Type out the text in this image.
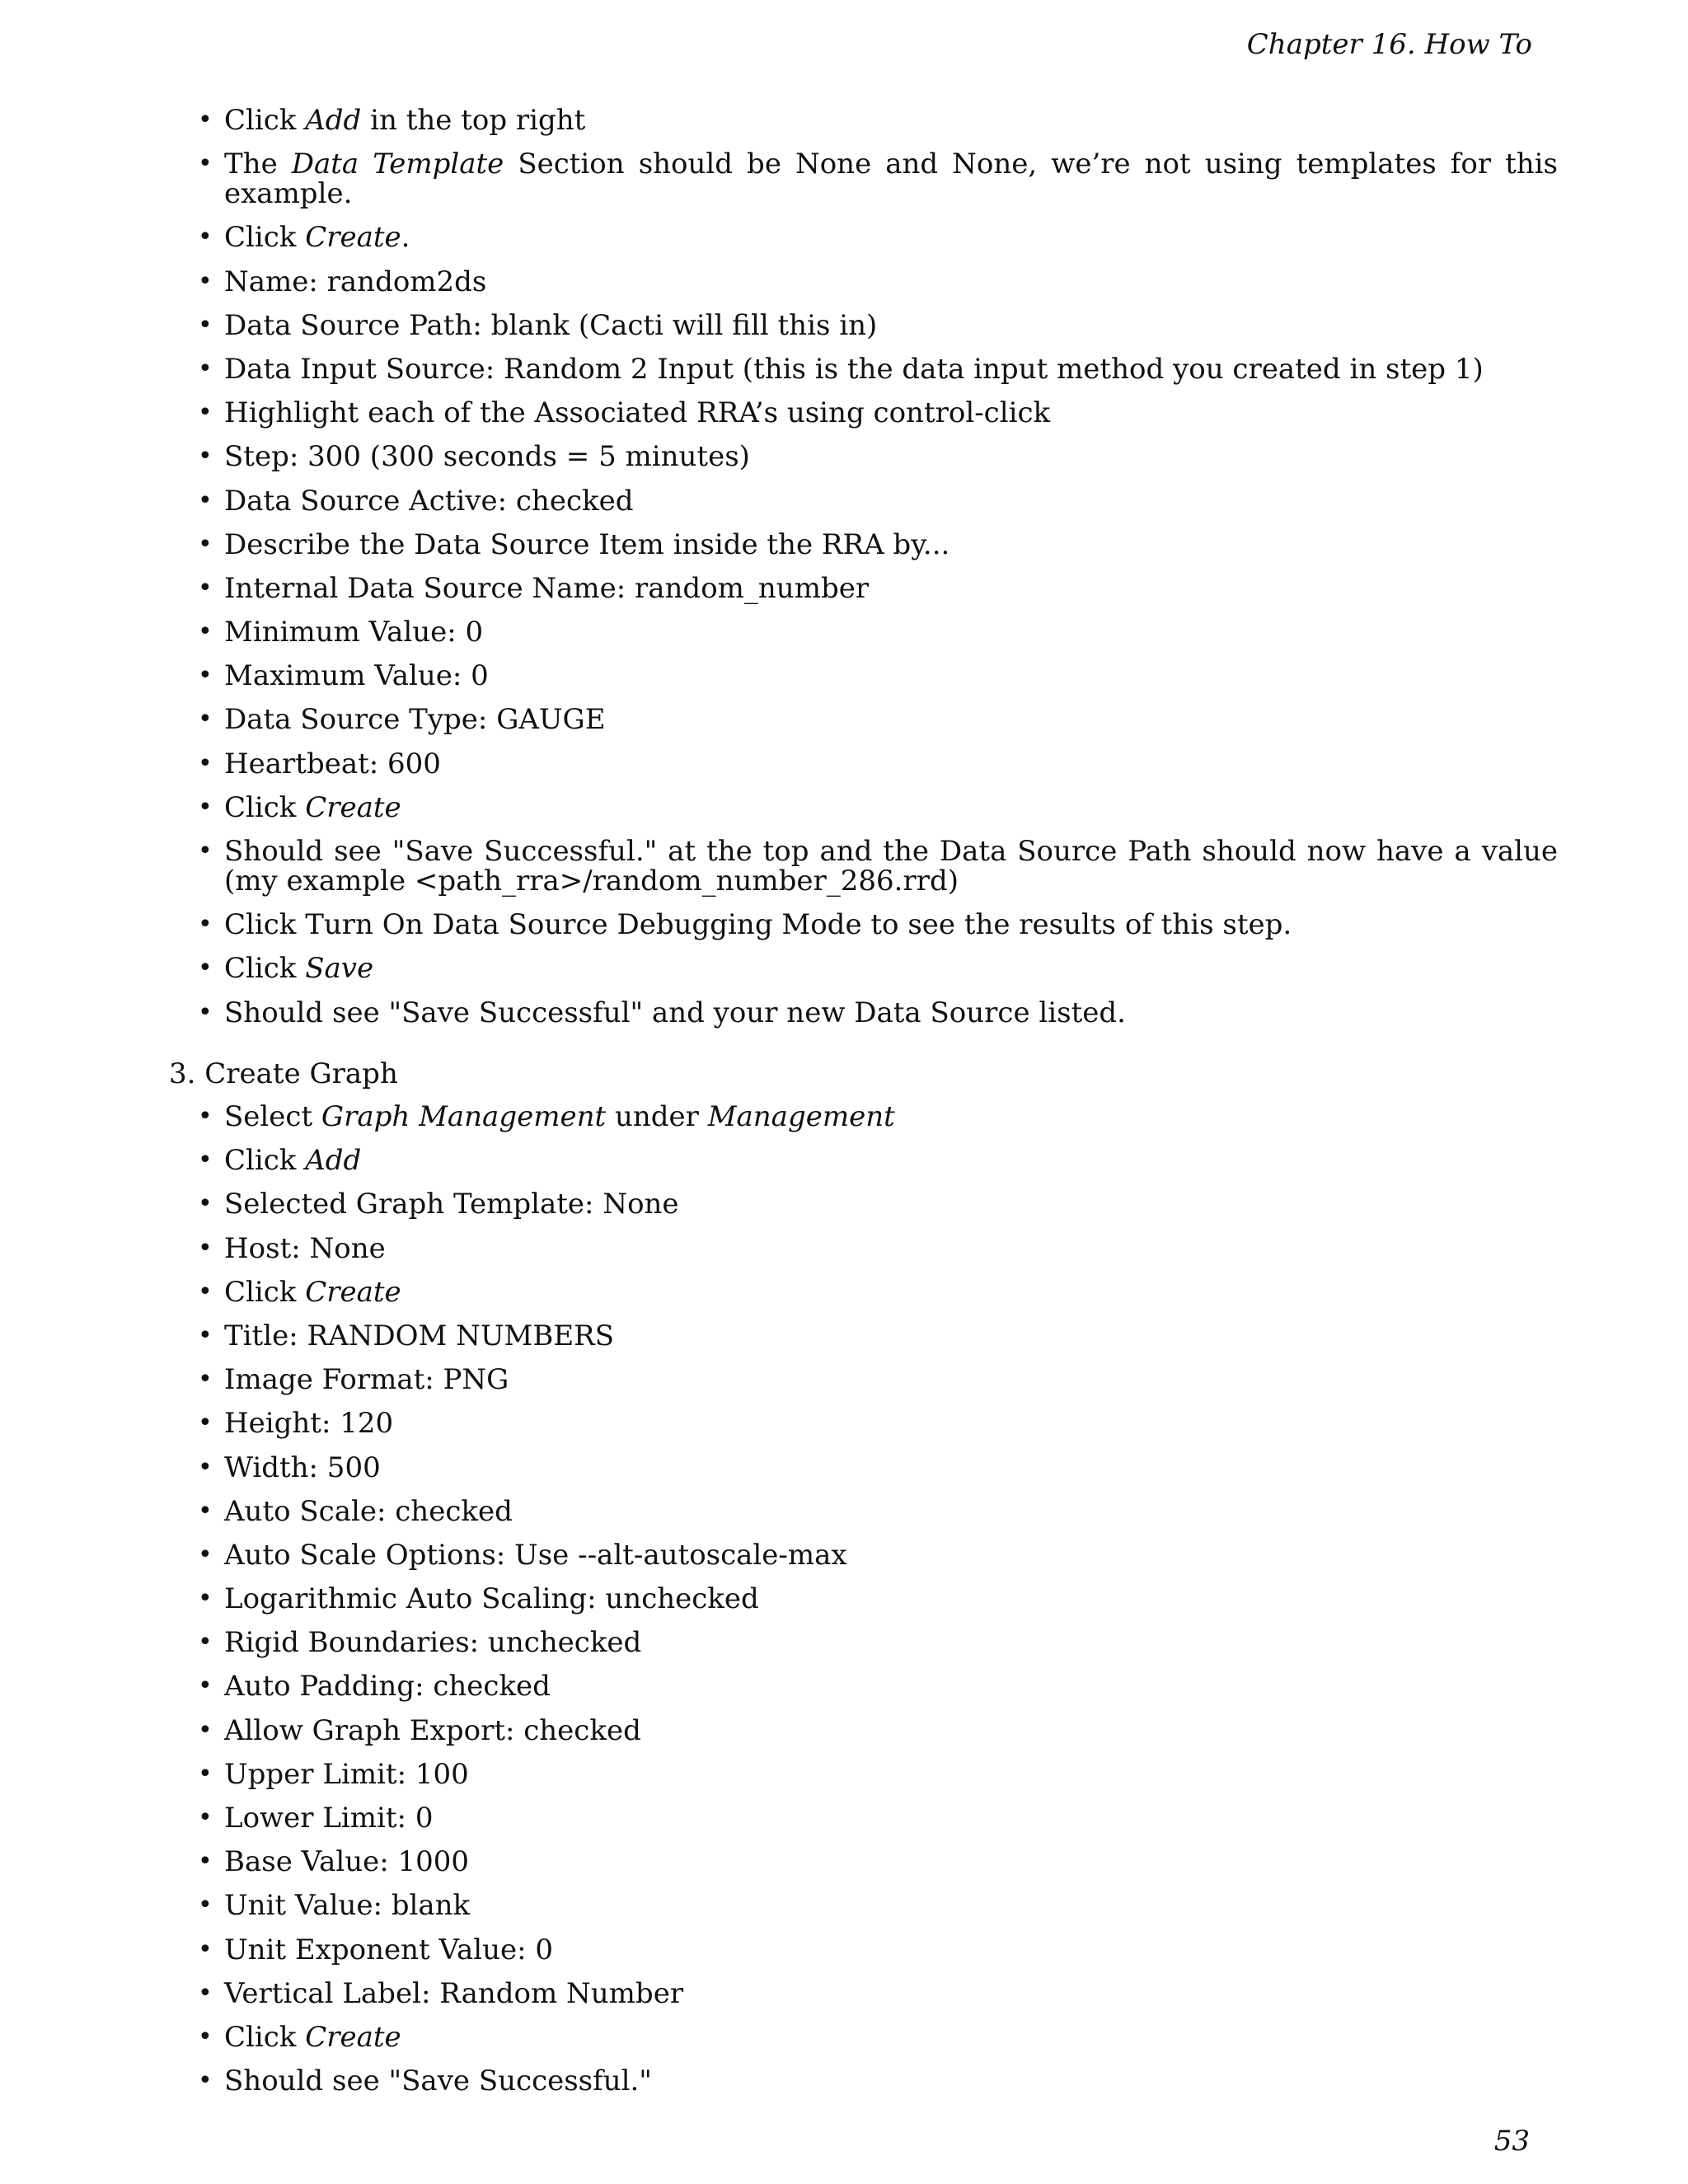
Chapter 16. How To
• Click Add in the top right
• The Data Template Section should be None and None, we’re not using templates for this example.
• Click Create.
• Name: random2ds
• Data Source Path: blank (Cacti will fill this in)
• Data Input Source: Random 2 Input (this is the data input method you created in step 1)
• Highlight each of the Associated RRA’s using control-click
• Step: 300 (300 seconds = 5 minutes)
• Data Source Active: checked
• Describe the Data Source Item inside the RRA by...
• Internal Data Source Name: random_number
• Minimum Value: 0
• Maximum Value: 0
• Data Source Type: GAUGE
• Heartbeat: 600
• Click Create
• Should see "Save Successful." at the top and the Data Source Path should now have a value (my example <path_rra>/random_number_286.rrd)
• Click Turn On Data Source Debugging Mode to see the results of this step.
• Click Save
• Should see "Save Successful" and your new Data Source listed.
3. Create Graph
• Select Graph Management under Management
• Click Add
• Selected Graph Template: None
• Host: None
• Click Create
• Title: RANDOM NUMBERS
• Image Format: PNG
• Height: 120
• Width: 500
• Auto Scale: checked
• Auto Scale Options: Use --alt-autoscale-max
• Logarithmic Auto Scaling: unchecked
• Rigid Boundaries: unchecked
• Auto Padding: checked
• Allow Graph Export: checked
• Upper Limit: 100
• Lower Limit: 0
• Base Value: 1000
• Unit Value: blank
• Unit Exponent Value: 0
• Vertical Label: Random Number
• Click Create
• Should see "Save Successful."
53
